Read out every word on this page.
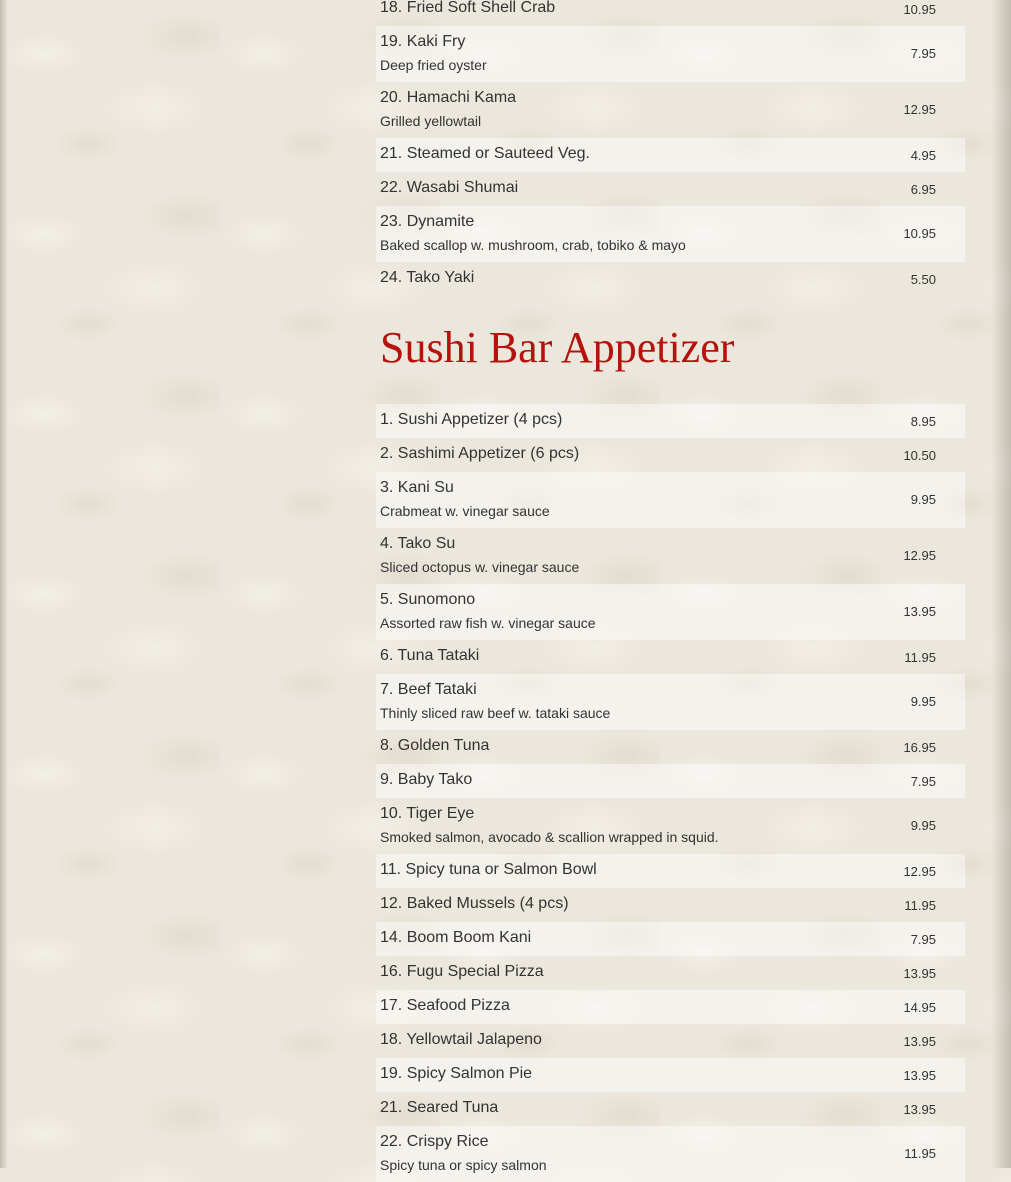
18. Fried Soft Shell Crab	10.95
19. Kaki Fry
Deep fried oyster
7.95
20. Hamachi Kama
Grilled yellowtail
12.95
21. Steamed or Sauteed Veg.	4.95
22. Wasabi Shumai	6.95
23. Dynamite
Baked scallop w. mushroom, crab, tobiko & mayo
10.95
24. Tako Yaki	5.50
1. Sushi Appetizer (4 pcs)	8.95
2. Sashimi Appetizer (6 pcs)	10.50
3. Kani Su
Crabmeat w. vinegar sauce
9.95
4. Tako Su
Sliced octopus w. vinegar sauce
12.95
5. Sunomono
Assorted raw fish w. vinegar sauce
13.95
6. Tuna Tataki	11.95
7. Beef Tataki
Thinly sliced raw beef w. tataki sauce
9.95
8. Golden Tuna	16.95
9. Baby Tako	7.95
10. Tiger Eye
Smoked salmon, avocado & scallion wrapped in squid.
9.95
11. Spicy tuna or Salmon Bowl	12.95
12. Baked Mussels (4 pcs)	11.95
14. Boom Boom Kani	7.95
16. Fugu Special Pizza	13.95
17. Seafood Pizza	14.95
18. Yellowtail Jalapeno	13.95
19. Spicy Salmon Pie	13.95
21. Seared Tuna	13.95
22. Crispy Rice
Spicy tuna or spicy salmon
11.95
Sushi Bar Appetizer
